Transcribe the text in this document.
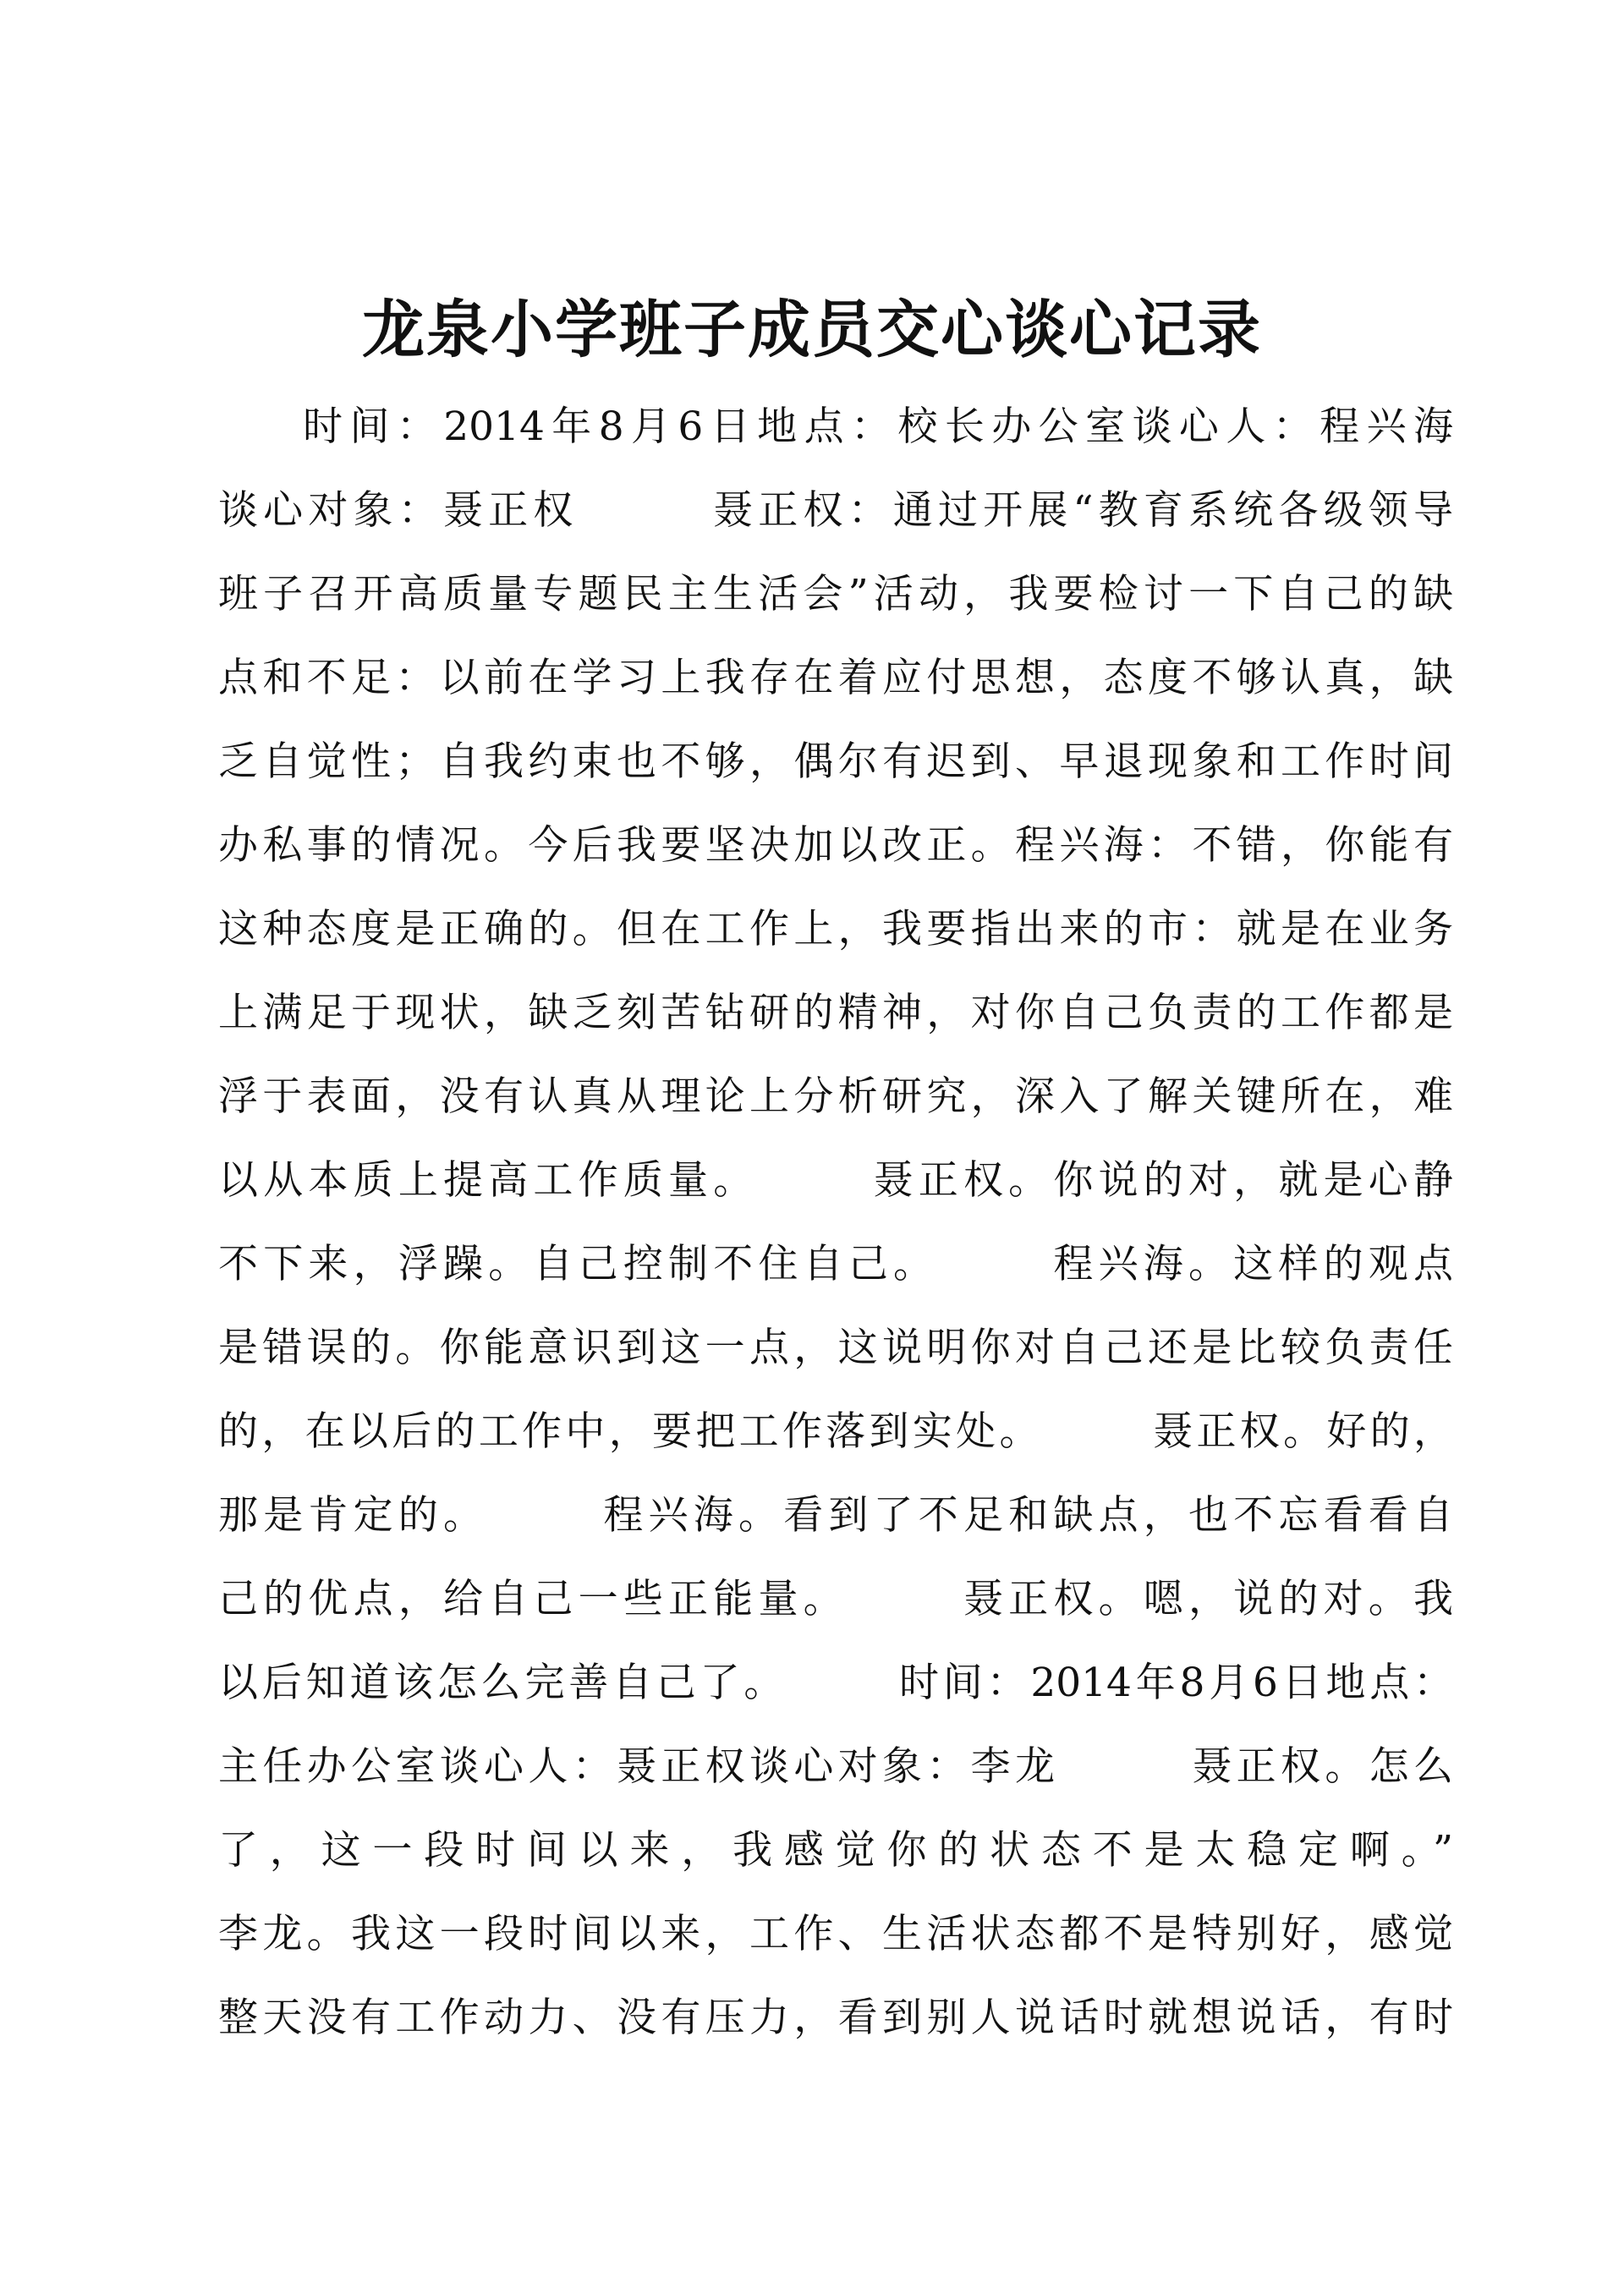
龙泉小学班子成员交心谈心记录
时间：2014年8月6日地点：校长办公室谈心人：程兴海
谈心对象：聂正权　　　聂正权：通过开展“教育系统各级领导
班子召开高质量专题民主生活会”活动，我要检讨一下自己的缺
点和不足：以前在学习上我存在着应付思想，态度不够认真，缺
乏自觉性；自我约束也不够，偶尔有迟到、早退现象和工作时间
办私事的情况。今后我要坚决加以改正。程兴海：不错，你能有
这种态度是正确的。但在工作上，我要指出来的市：就是在业务
上满足于现状，缺乏刻苦钻研的精神，对你自己负责的工作都是
浮于表面，没有认真从理论上分析研究，深入了解关键所在，难
以从本质上提高工作质量。　　　聂正权。你说的对，就是心静
不下来，浮躁。自己控制不住自己。　　　程兴海。这样的观点
是错误的。你能意识到这一点，这说明你对自己还是比较负责任
的，在以后的工作中，要把工作落到实处。　　　聂正权。好的，
那是肯定的。　　　程兴海。看到了不足和缺点，也不忘看看自
己的优点，给自己一些正能量。　　　聂正权。嗯，说的对。我
以后知道该怎么完善自己了。　　　时间：2014年8月6日地点：
主任办公室谈心人：聂正权谈心对象：李龙　　　聂正权。怎么
了，这一段时间以来，我感觉你的状态不是太稳定啊。”
李龙。我这一段时间以来，工作、生活状态都不是特别好，感觉
整天没有工作动力、没有压力，看到别人说话时就想说话，有时
